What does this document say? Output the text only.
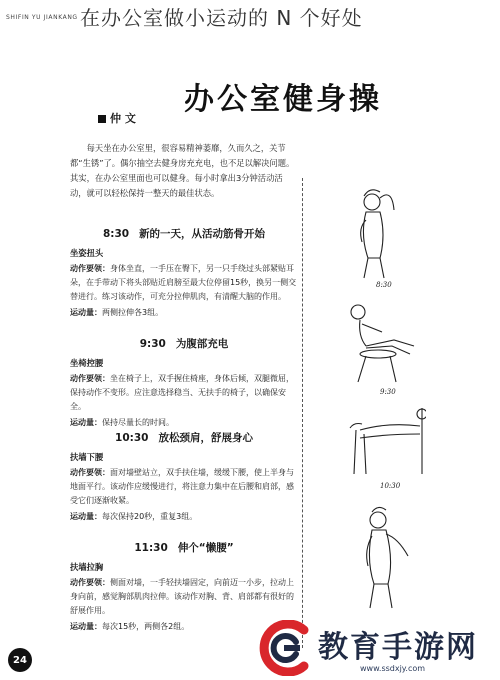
在办公室做小运动的 N 个好处
SHIFIN YU JIANKANG
办公室健身操
仲 文
每天坐在办公室里，很容易精神萎靡，久而久之，关节都“生锈”了。偶尔抽空去健身房充充电，也不足以解决问题。其实，在办公室里面也可以健身。每小时拿出3分钟活动活动，就可以轻松保持一整天的最佳状态。
8:30 新的一天，从活动筋骨开始
坐姿扭头
动作要领：身体坐直，一手压在臀下，另一只手绕过头部紧贴耳朵，在手带动下将头部贴近肩膀至最大位停留15秒，换另一侧交替进行。练习该动作，可充分拉伸肌肉，有清醒大脑的作用。
运动量：两侧拉伸各3组。
9:30 为腹部充电
坐椅控腰
动作要领：坐在椅子上，双手握住椅座，身体后倾，双腿微屈，保持动作不变形。应注意选择稳当、无扶手的椅子，以确保安全。
运动量：保持尽量长的时间。
10:30 放松颈肩，舒展身心
扶墙下腰
动作要领：面对墙壁站立，双手扶住墙，缓缓下腰，使上半身与地面平行。该动作应缓慢进行，将注意力集中在后腰和肩部，感受它们逐渐收紧。
运动量：每次保持20秒，重复3组。
11:30 伸个“懒腰”
扶墙拉胸
动作要领：侧面对墙，一手轻扶墙固定，向前迈一小步，拉动上身向前，感觉胸部肌肉拉伸。该动作对胸、背、肩部都有很好的舒展作用。
运动量：每次15秒，两侧各2组。
8:30
9:30
10:30
24	教育手游网
www.ssdxjy.com
